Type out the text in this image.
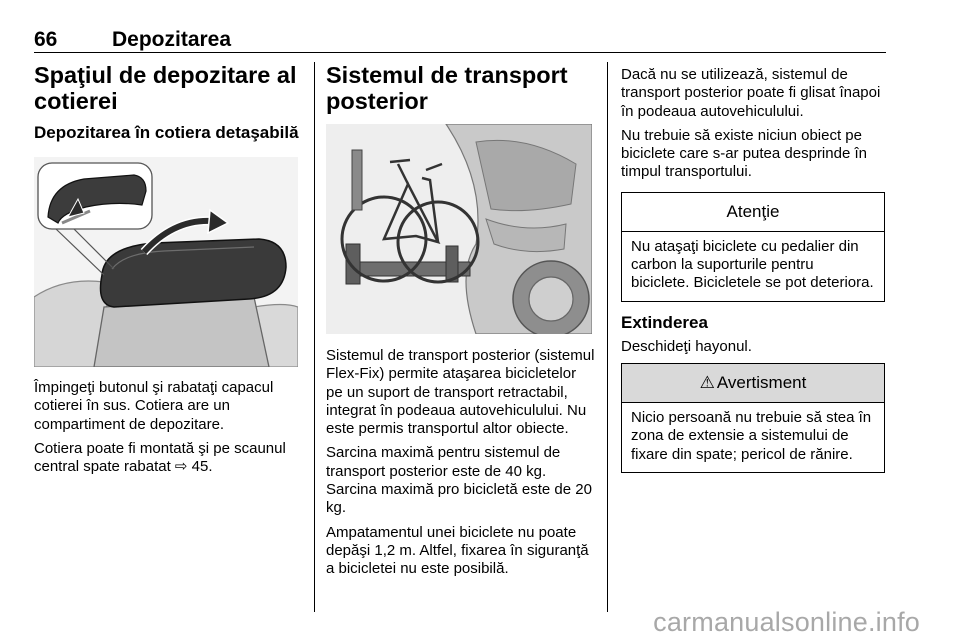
66	Depozitarea
Spaţiul de depozitare al cotierei
Depozitarea în cotiera detaşabilă

Împingeţi butonul şi rabataţi capacul cotierei în sus. Cotiera are un compartiment de depozitare.

Cotiera poate fi montată şi pe scaunul central spate rabatat ⇨ 45.

Sistemul de transport posterior

Sistemul de transport posterior (sistemul Flex-Fix) permite ataşarea bicicletelor pe un suport de transport retractabil, integrat în podeaua autovehiculului. Nu este permis transportul altor obiecte.

Sarcina maximă pentru sistemul de transport posterior este de 40 kg. Sarcina maximă pro bicicletă este de 20 kg.

Ampatamentul unei biciclete nu poate depăşi 1,2 m. Altfel, fixarea în siguranţă a bicicletei nu este posibilă.

Dacă nu se utilizează, sistemul de transport posterior poate fi glisat înapoi în podeaua autovehiculului.

Nu trebuie să existe niciun obiect pe biciclete care s-ar putea desprinde în timpul transportului.

Atenţie
Nu ataşaţi biciclete cu pedalier din carbon la suporturile pentru biciclete. Bicicletele se pot deteriora.
Extinderea

Deschideţi hayonul.

⚠ Avertisment
Nicio persoană nu trebuie să stea în zona de extensie a sistemului de fixare din spate; pericol de rănire.
carmanualsonline.info
